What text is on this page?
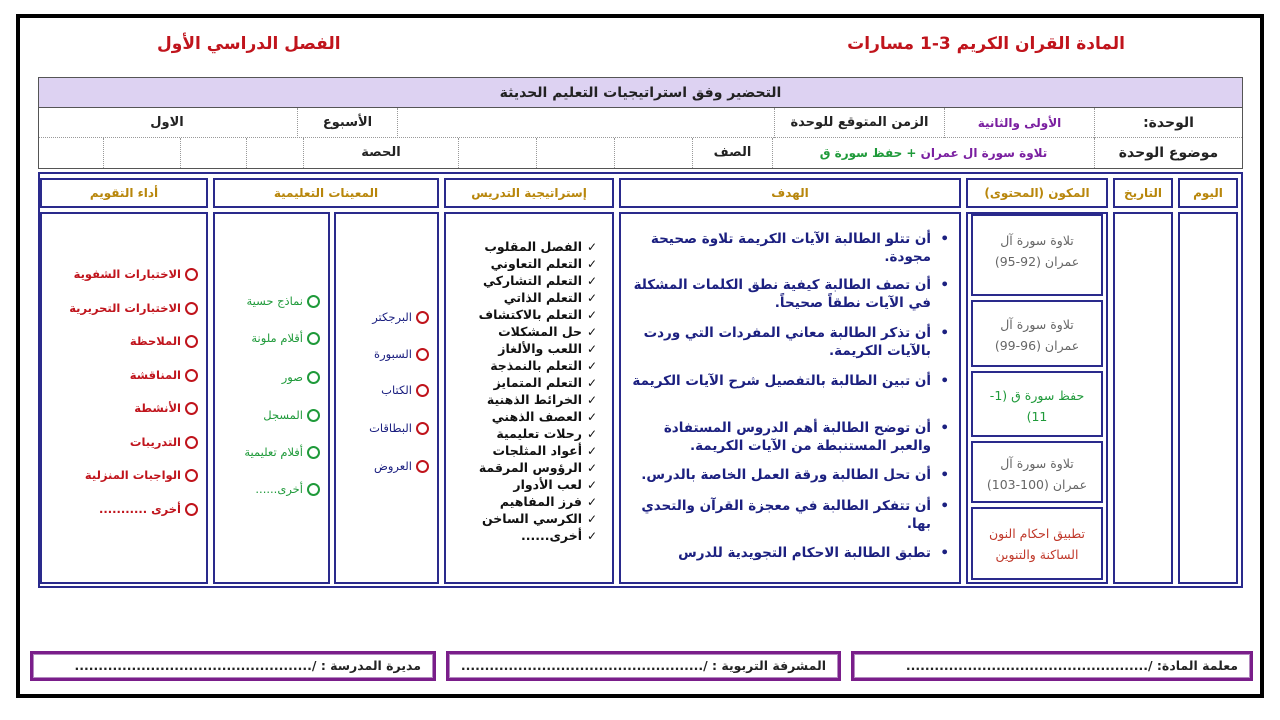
المادة القران الكريم 3-1 مسارات
الفصل الدراسي الأول
التحضير وفق استراتيجيات التعليم الحديثة
الوحدة:
الأولى والثانية
الزمن المتوقع للوحدة
الأسبوع
الاول
موضوع الوحدة
تلاوة سورة ال عمران + حفظ سورة ق
الصف
الحصة
اليوم
التاريخ
المكون (المحتوى)
تلاوة سورة آل
عمران (92-95)
تلاوة سورة آل
عمران (96-99)
حفظ سورة ق (1-
11)
تلاوة سورة آل
عمران (100-103)
تطبيق احكام النون
الساكنة والتنوين
الهدف
• أن تتلو الطالبة الآيات الكريمة تلاوة صحيحة مجودة.
• أن تصف الطالبة كيفية نطق الكلمات المشكلة في الآيات نطقاً صحيحاً.
• أن تذكر الطالبة معاني المفردات التي وردت بالآيات الكريمة.
• أن تبين الطالبة بالتفصيل شرح الآيات الكريمة
• أن توضح الطالبة أهم الدروس المستفادة والعبر المستنبطة من الآيات الكريمة.
• أن تحل الطالبة ورقة العمل الخاصة بالدرس.
• أن تتفكر الطالبة في معجزة القرآن والتحدي بها.
• تطبق الطالبة الاحكام التجويدية للدرس
إستراتيجية التدريس
✓
الفصل المقلوب
✓
التعلم التعاوني
✓
التعلم التشاركي
✓
التعلم الذاتي
✓
التعلم بالاكتشاف
✓
حل المشكلات
✓
اللعب والألغاز
✓
التعلم بالنمذجة
✓
التعلم المتمايز
✓
الخرائط الذهنية
✓
العصف الذهني
✓
رحلات تعليمية
✓
أعواد المثلجات
✓
الرؤوس المرقمة
✓
لعب الأدوار
✓
فرز المفاهيم
✓
الكرسي الساخن
✓
أخرى......
المعينات التعليمية
البرجكتر
السبورة
الكتاب
البطاقات
العروض
نماذج حسية
أقلام ملونة
صور
المسجل
أفلام تعليمية
أخرى......
أداء التقويم
الاختبارات الشفوية
الاختبارات التحريرية
الملاحظة
المناقشة
الأنشطة
التدريبات
الواجبات المنزلية
أخرى ...........
معلمة المادة: /...................................................
المشرفة التربوية : /...................................................
مديرة المدرسة : /..................................................
